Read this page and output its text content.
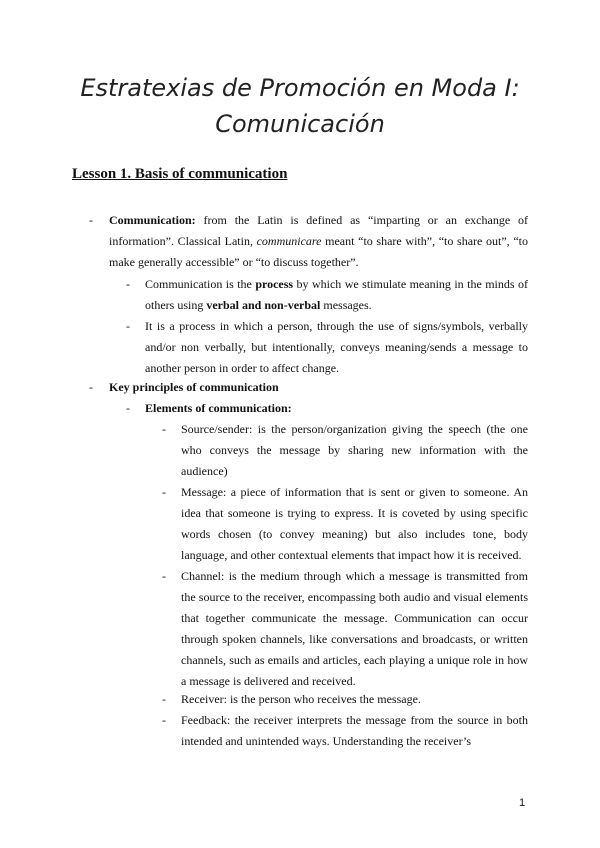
Estratexias de Promoción en Moda I:
Comunicación
Lesson 1. Basis of communication
- Communication: from the Latin is defined as “imparting or an exchange of information”. Classical Latin, communicare meant “to share with”, “to share out”, “to make generally accessible” or “to discuss together”.
- Communication is the process by which we stimulate meaning in the minds of others using verbal and non-verbal messages.
- It is a process in which a person, through the use of signs/symbols, verbally and/or non verbally, but intentionally, conveys meaning/sends a message to another person in order to affect change.
- Key principles of communication
- Elements of communication:
- Source/sender: is the person/organization giving the speech (the one who conveys the message by sharing new information with the audience)
- Message: a piece of information that is sent or given to someone. An idea that someone is trying to express. It is coveted by using specific words chosen (to convey meaning) but also includes tone, body language, and other contextual elements that impact how it is received.
- Channel: is the medium through which a message is transmitted from the source to the receiver, encompassing both audio and visual elements that together communicate the message. Communication can occur through spoken channels, like conversations and broadcasts, or written channels, such as emails and articles, each playing a unique role in how a message is delivered and received.
- Receiver: is the person who receives the message.
- Feedback: the receiver interprets the message from the source in both intended and unintended ways. Understanding the receiver’s
1
